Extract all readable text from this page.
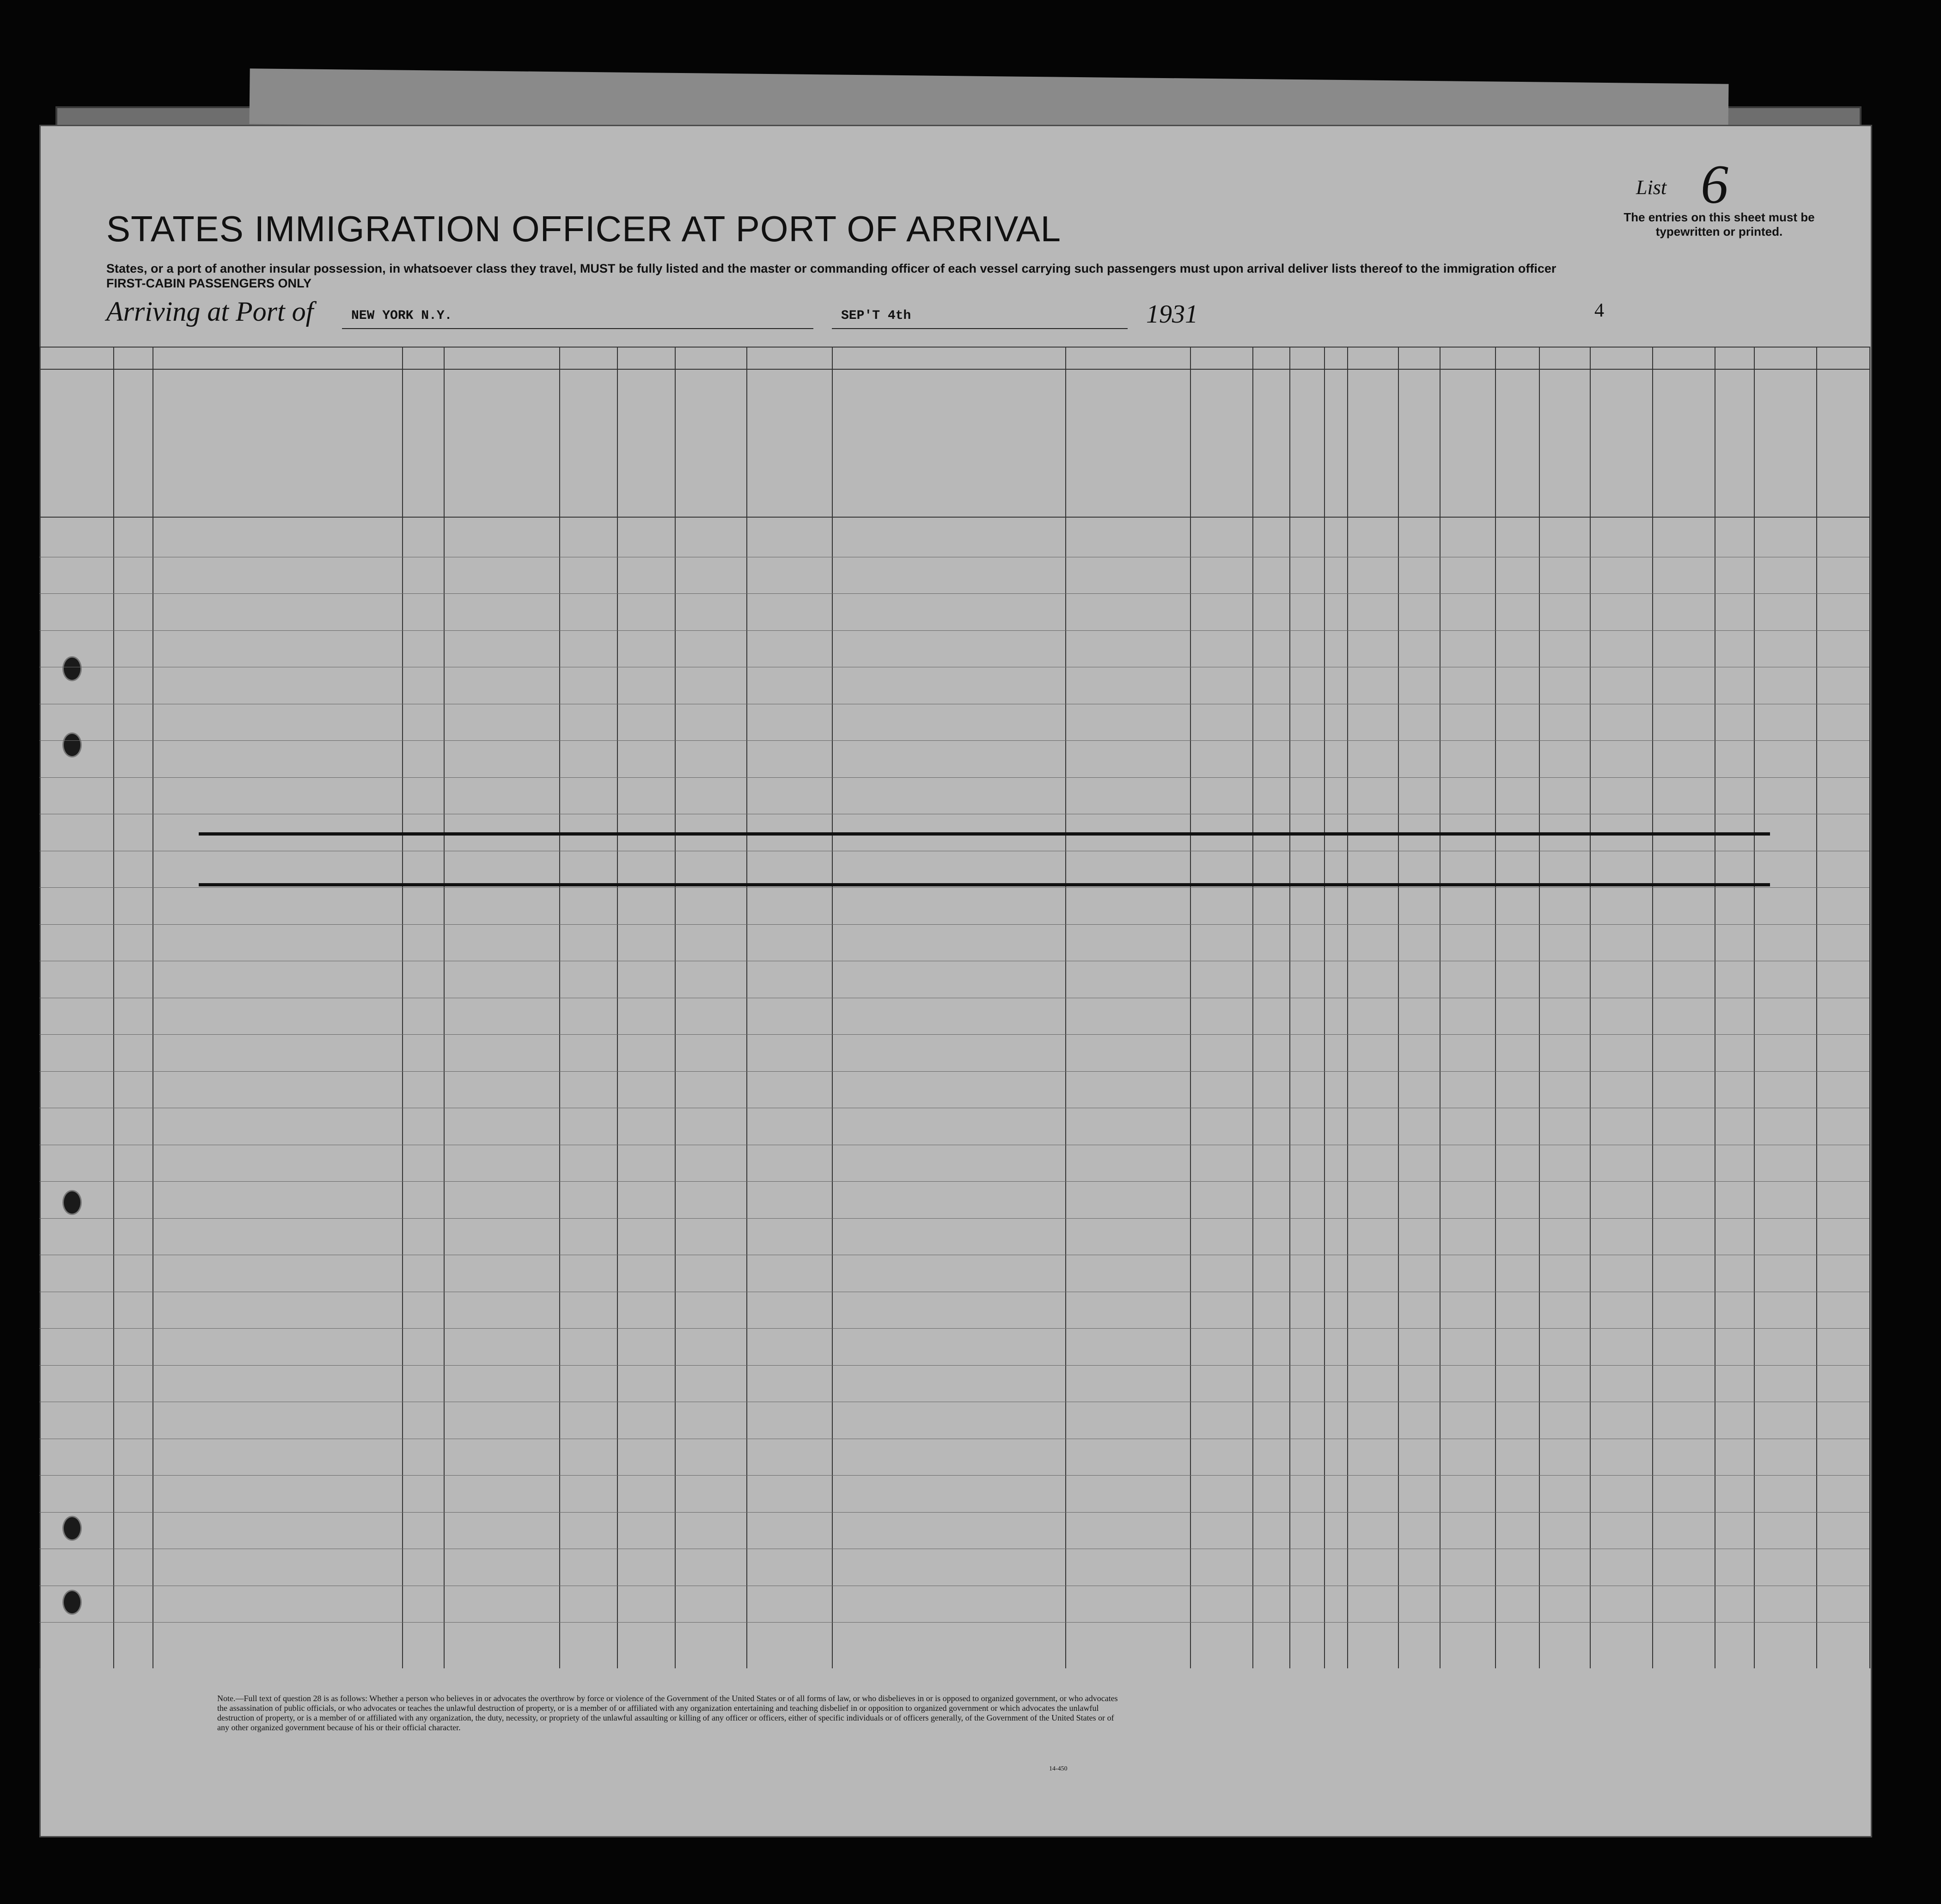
STATES IMMIGRATION OFFICER AT PORT OF ARRIVAL
States, or a port of another insular possession, in whatsoever class they travel, MUST be fully listed and the master or commanding officer of each vessel carrying such passengers must upon arrival deliver lists thereof to the immigration officer
FIRST-CABIN PASSENGERS ONLY
List 6
The entries on this sheet must be typewritten or printed.
Arriving at Port of	NEW YORK N.Y.	SEP'T 4th	1931	4
Note.—Full text of question 28 is as follows: Whether a person who believes in or advocates the overthrow by force or violence of the Government of the United States or of all forms of law, or who disbelieves in or is opposed to organized government, or who advocates the assassination of public officials, or who advocates or teaches the unlawful destruction of property, or is a member of or affiliated with any organization entertaining and teaching disbelief in or opposition to organized government or which advocates the unlawful destruction of property, or is a member of or affiliated with any organization, the duty, necessity, or propriety of the unlawful assaulting or killing of any officer or officers, either of specific individuals or of officers generally, of the Government of the United States or of any other organized government because of his or their official character.
14-450
